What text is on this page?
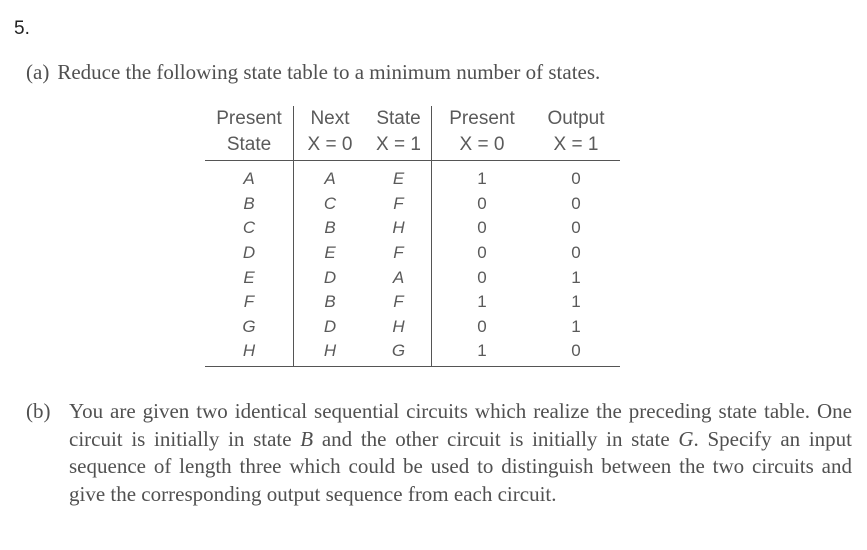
5.
(a) Reduce the following state table to a minimum number of states.
Present	Next	State	Present	Output
State	X = 0	X = 1	X = 0	X = 1
A	A	E	1	0
B	C	F	0	0
C	B	H	0	0
D	E	F	0	0
E	D	A	0	1
F	B	F	1	1
G	D	H	0	1
H	H	G	1	0
(b) You are given two identical sequential circuits which realize the preceding state table. One circuit is initially in state B and the other circuit is initially in state G. Specify an input sequence of length three which could be used to distinguish between the two circuits and give the corresponding output sequence from each circuit.
